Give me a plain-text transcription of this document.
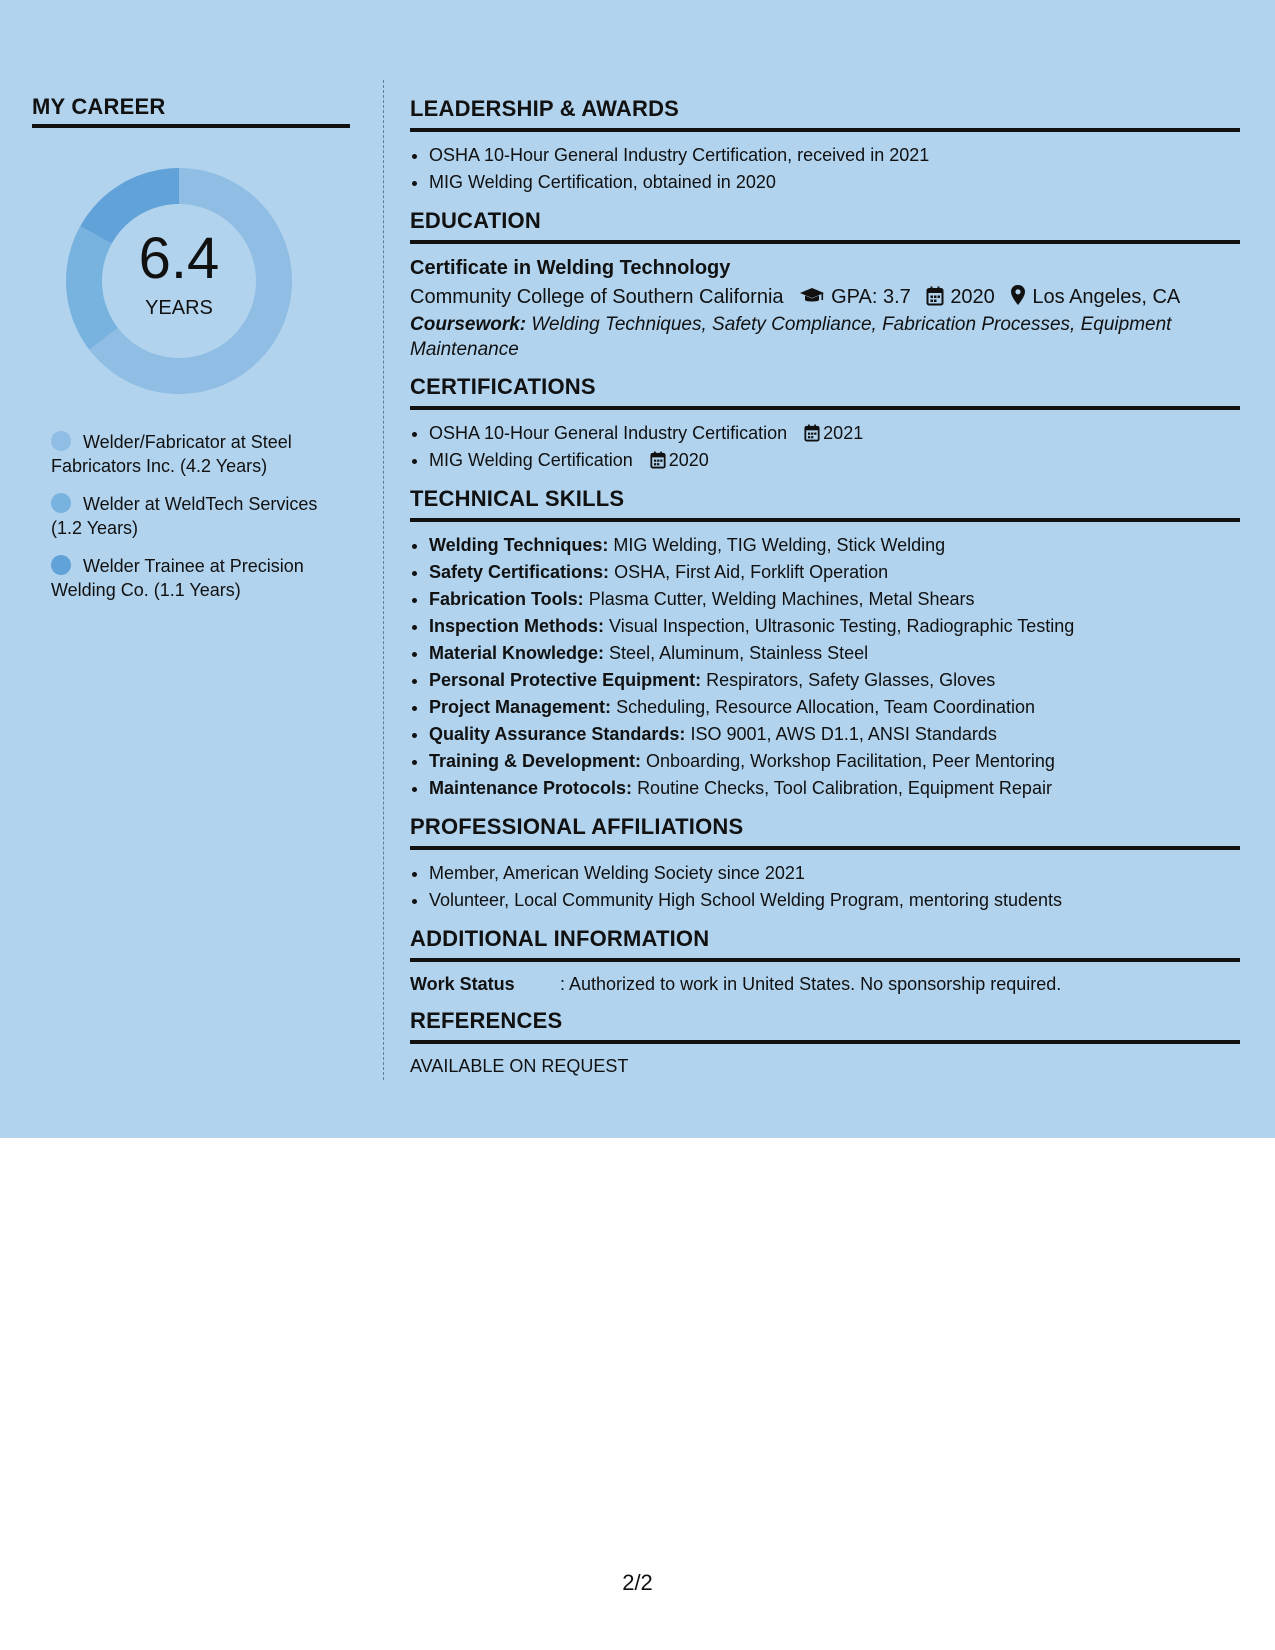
MY CAREER
6.4
YEARS
Welder/Fabricator at Steel Fabricators Inc. (4.2 Years)
Welder at WeldTech Services (1.2 Years)
Welder Trainee at Precision Welding Co. (1.1 Years)
LEADERSHIP & AWARDS
• OSHA 10-Hour General Industry Certification, received in 2021
• MIG Welding Certification, obtained in 2020
EDUCATION
Certificate in Welding Technology
Community College of Southern California GPA: 3.7 2020 Los Angeles, CA
Coursework: Welding Techniques, Safety Compliance, Fabrication Processes, Equipment Maintenance
CERTIFICATIONS
• OSHA 10-Hour General Industry Certification 2021
• MIG Welding Certification 2020
TECHNICAL SKILLS
• Welding Techniques: MIG Welding, TIG Welding, Stick Welding
• Safety Certifications: OSHA, First Aid, Forklift Operation
• Fabrication Tools: Plasma Cutter, Welding Machines, Metal Shears
• Inspection Methods: Visual Inspection, Ultrasonic Testing, Radiographic Testing
• Material Knowledge: Steel, Aluminum, Stainless Steel
• Personal Protective Equipment: Respirators, Safety Glasses, Gloves
• Project Management: Scheduling, Resource Allocation, Team Coordination
• Quality Assurance Standards: ISO 9001, AWS D1.1, ANSI Standards
• Training & Development: Onboarding, Workshop Facilitation, Peer Mentoring
• Maintenance Protocols: Routine Checks, Tool Calibration, Equipment Repair
PROFESSIONAL AFFILIATIONS
• Member, American Welding Society since 2021
• Volunteer, Local Community High School Welding Program, mentoring students
ADDITIONAL INFORMATION
Work Status	: Authorized to work in United States. No sponsorship required.
REFERENCES
AVAILABLE ON REQUEST
2/2
